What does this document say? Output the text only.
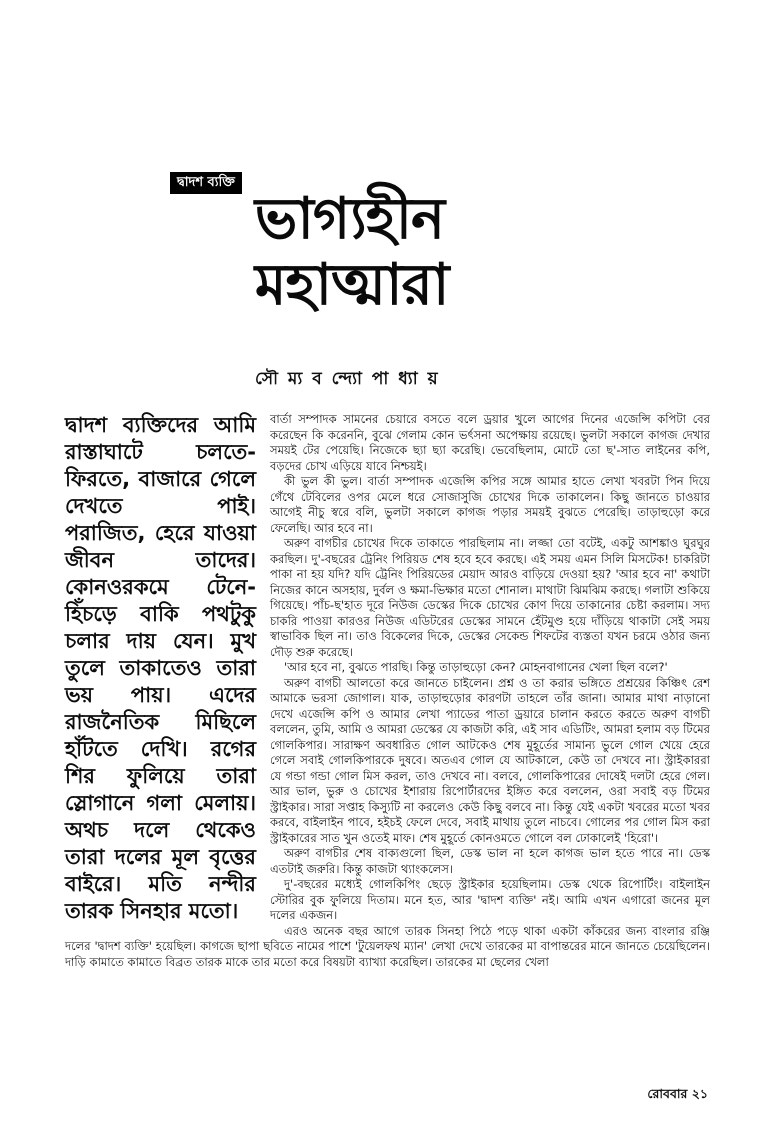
দ্বাদশ ব্যক্তি
ভাগ্যহীন
মহাত্মারা
সৌ ম্য ব ন্দ্যো পা ধ্যা য়

দ্বাদশ ব্যক্তিদের আমি রাস্তাঘাটে চলতে-ফিরতে, বাজারে গেলে দেখতে পাই। পরাজিত, হেরে যাওয়া জীবন তাদের। কোনওরকমে টেনে-হিঁচড়ে বাকি পথটুকু চলার দায় যেন। মুখ তুলে তাকাতেও তারা ভয় পায়। এদের রাজনৈতিক মিছিলে হাঁটতে দেখি। রগের শির ফুলিয়ে তারা স্লোগানে গলা মেলায়। অথচ দলে থেকেও তারা দলের মূল বৃত্তের বাইরে। মতি নন্দীর তারক সিনহার মতো।

বার্তা সম্পাদক সামনের চেয়ারে বসতে বলে ড্রয়ার খুলে আগের দিনের এজেন্সি কপিটা বের করেছেন কি করেননি, বুঝে গেলাম কোন ভর্ৎসনা অপেক্ষায় রয়েছে। ভুলটা সকালে কাগজ দেখার সময়ই টের পেয়েছি। নিজেকে ছ্যা ছ্যা করেছি। ভেবেছিলাম, মোটে তো ছ'-সাত লাইনের কপি, বড়দের চোখ এড়িয়ে যাবে নিশ্চয়ই।

কী ভুল কী ভুল। বার্তা সম্পাদক এজেন্সি কপির সঙ্গে আমার হাতে লেখা খবরটা পিন দিয়ে গেঁথে টেবিলের ওপর মেলে ধরে সোজাসুজি চোখের দিকে তাকালেন। কিছু জানতে চাওয়ার আগেই নীচু স্বরে বলি, ভুলটা সকালে কাগজ পড়ার সময়ই বুঝতে পেরেছি। তাড়াহুড়ো করে ফেলেছি। আর হবে না।

অরুণ বাগচীর চোখের দিকে তাকাতে পারছিলাম না। লজ্জা তো বটেই, একটু আশঙ্কাও ঘুরঘুর করছিল। দু'-বছরের ট্রেনিং পিরিয়ড শেষ হবে হবে করছে। এই সময় এমন সিলি মিসটেক! চাকরিটা পাকা না হয় যদি? যদি ট্রেনিং পিরিয়ডের মেয়াদ আরও বাড়িয়ে দেওয়া হয়? 'আর হবে না' কথাটা নিজের কানে অসহায়, দুর্বল ও ক্ষমা-ভিক্ষার মতো শোনাল। মাথাটা ঝিমঝিম করছে। গলাটা শুকিয়ে গিয়েছে। পাঁচ-ছ'হাত দূরে নিউজ ডেস্কের দিকে চোখের কোণ দিয়ে তাকানোর চেষ্টা করলাম। সদ্য চাকরি পাওয়া কারওর নিউজ এডিটরের ডেস্কের সামনে হেঁটমুণ্ড হয়ে দাঁড়িয়ে থাকাটা সেই সময় স্বাভাবিক ছিল না। তাও বিকেলের দিকে, ডেস্কের সেকেন্ড শিফটের ব্যস্ততা যখন চরমে ওঠার জন্য দৌড় শুরু করেছে।

'আর হবে না, বুঝতে পারছি। কিন্তু তাড়াহুড়ো কেন? মোহনবাগানের খেলা ছিল বলে?'

অরুণ বাগচী আলতো করে জানতে চাইলেন। প্রশ্ন ও তা করার ভঙ্গিতে প্রশ্রয়ের কিঞ্চিৎ রেশ আমাকে ভরসা জোগাল। যাক, তাড়াহুড়োর কারণটা তাহলে তাঁর জানা। আমার মাথা নাড়ানো দেখে এজেন্সি কপি ও আমার লেখা প্যাডের পাতা ড্রয়ারে চালান করতে করতে অরুণ বাগচী বললেন, তুমি, আমি ও আমরা ডেস্কের যে কাজটা করি, এই সাব এডিটিং, আমরা হলাম বড় টিমের গোলকিপার। সারাক্ষণ অবধারিত গোল আটকেও শেষ মুহূর্তের সামান্য ভুলে গোল খেয়ে হেরে গেলে সবাই গোলকিপারকে দুষবে। অতএব গোল যে আটকালে, কেউ তা দেখবে না। স্ট্রাইকাররা যে গন্ডা গন্ডা গোল মিস করল, তাও দেখবে না। বলবে, গোলকিপারের দোষেই দলটা হেরে গেল। আর ভাল, ভুরু ও চোখের ইশারায় রিপোর্টারদের ইঙ্গিত করে বললেন, ওরা সবাই বড় টিমের স্ট্রাইকার। সারা সপ্তাহ কিস্যুটি না করলেও কেউ কিছু বলবে না। কিন্তু যেই একটা খবরের মতো খবর করবে, বাইলাইন পাবে, হইচই ফেলে দেবে, সবাই মাথায় তুলে নাচবে। গোলের পর গোল মিস করা স্ট্রাইকারের সাত খুন ওতেই মাফ। শেষ মুহূর্তে কোনওমতে গোলে বল ঢোকালেই 'হিরো'।

অরুণ বাগচীর শেষ বাক্যগুলো ছিল, ডেস্ক ভাল না হলে কাগজ ভাল হতে পারে না। ডেস্ক এতটাই জরুরি। কিন্তু কাজটা থ্যাংকলেস।

দু'-বছরের মধ্যেই গোলকিপিং ছেড়ে স্ট্রাইকার হয়েছিলাম। ডেস্ক থেকে রিপোর্টিং। বাইলাইন স্টোরির বুক ফুলিয়ে দিতাম। মনে হত, আর 'দ্বাদশ ব্যক্তি' নই। আমি এখন এগারো জনের মূল দলের একজন।

এরও অনেক বছর আগে তারক সিনহা পিঠে পড়ে থাকা একটা কাঁকরের জন্য বাংলার রঞ্জি দলের 'দ্বাদশ ব্যক্তি' হয়েছিল। কাগজে ছাপা ছবিতে নামের পাশে 'টুয়েলফথ ম্যান' লেখা দেখে তারকের মা বাপান্তরের মানে জানতে চেয়েছিলেন। দাড়ি কামাতে কামাতে বিব্রত তারক মাকে তার মতো করে বিষয়টা ব্যাখ্যা করেছিল। তারকের মা ছেলের খেলা

রোববার ২১
